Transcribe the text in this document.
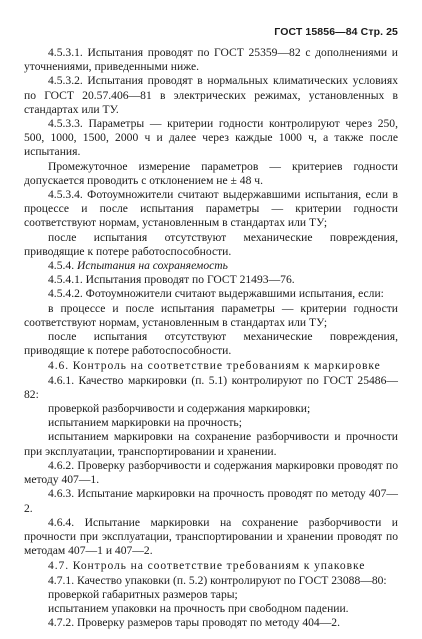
ГОСТ 15856—84 Стр. 25

4.5.3.1. Испытания проводят по ГОСТ 25359—82 с дополнениями и уточнениями, приведенными ниже.

4.5.3.2. Испытания проводят в нормальных климатических условиях по ГОСТ 20.57.406—81 в электрических режимах, установленных в стандартах или ТУ.

4.5.3.3. Параметры — критерии годности контролируют через 250, 500, 1000, 1500, 2000 ч и далее через каждые 1000 ч, а также после испытания.

Промежуточное измерение параметров — критериев годности допускается проводить с отклонением не ± 48 ч.

4.5.3.4. Фотоумножители считают выдержавшими испытания, если в процессе и после испытания параметры — критерии годности соответствуют нормам, установленным в стандартах или ТУ;

после испытания отсутствуют механические повреждения, приводящие к потере работоспособности.

4.5.4. Испытания на сохраняемость

4.5.4.1. Испытания проводят по ГОСТ 21493—76.

4.5.4.2. Фотоумножители считают выдержавшими испытания, если:

в процессе и после испытания параметры — критерии годности соответствуют нормам, установленным в стандартах или ТУ;

после испытания отсутствуют механические повреждения, приводящие к потере работоспособности.

4.6. Контроль на соответствие требованиям к маркировке

4.6.1. Качество маркировки (п. 5.1) контролируют по ГОСТ 25486—82:

проверкой разборчивости и содержания маркировки;

испытанием маркировки на прочность;

испытанием маркировки на сохранение разборчивости и прочности при эксплуатации, транспортировании и хранении.

4.6.2. Проверку разборчивости и содержания маркировки проводят по методу 407—1.

4.6.3. Испытание маркировки на прочность проводят по методу 407—2.

4.6.4. Испытание маркировки на сохранение разборчивости и прочности при эксплуатации, транспортировании и хранении проводят по методам 407—1 и 407—2.

4.7. Контроль на соответствие требованиям к упаковке

4.7.1. Качество упаковки (п. 5.2) контролируют по ГОСТ 23088—80:

проверкой габаритных размеров тары;

испытанием упаковки на прочность при свободном падении.

4.7.2. Проверку размеров тары проводят по методу 404—2.
